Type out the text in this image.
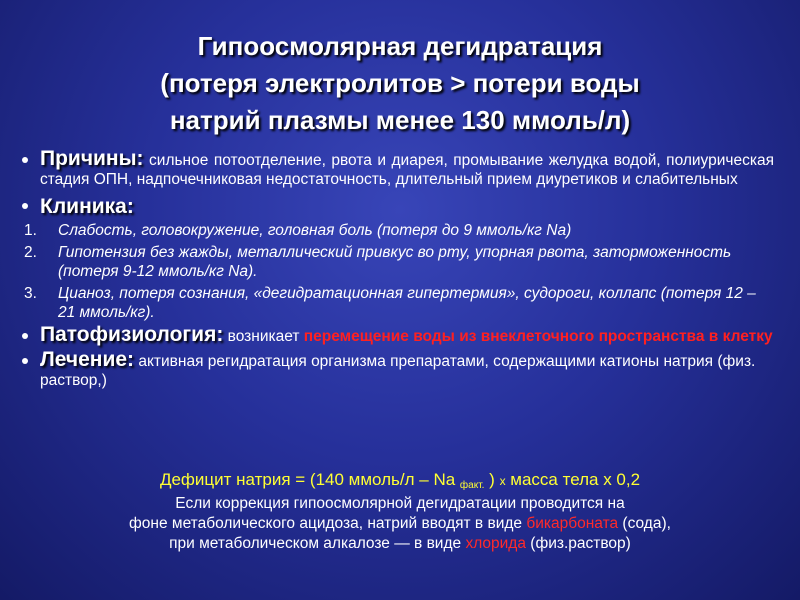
Гипоосмолярная дегидратация
(потеря электролитов > потери воды
натрий плазмы менее 130 ммоль/л)
Причины: сильное потоотделение, рвота и диарея, промывание желудка водой, полиурическая стадия ОПН, надпочечниковая недостаточность, длительный прием диуретиков и слабительных
Клиника:
1. Слабость, головокружение, головная боль (потеря до 9 ммоль/кг Na)
2. Гипотензия без жажды, металлический привкус во рту, упорная рвота, заторможенность (потеря 9-12 ммоль/кг Na).
3. Цианоз, потеря сознания, «дегидратационная гипертермия», судороги, коллапс (потеря 12 – 21 ммоль/кг).
Патофизиология: возникает перемещение воды из внеклеточного пространства в клетку
Лечение: активная регидратация организма препаратами, содержащими катионы натрия (физ. раствор,)
Дефицит натрия = (140 ммоль/л – Na $_{факт.}$ ) x масса тела x 0,2
Если коррекция гипоосмолярной дегидратации проводится на
фоне метаболического ацидоза, натрий вводят в виде бикарбоната (сода),
при метаболическом алкалозе — в виде хлорида (физ.раствор)
